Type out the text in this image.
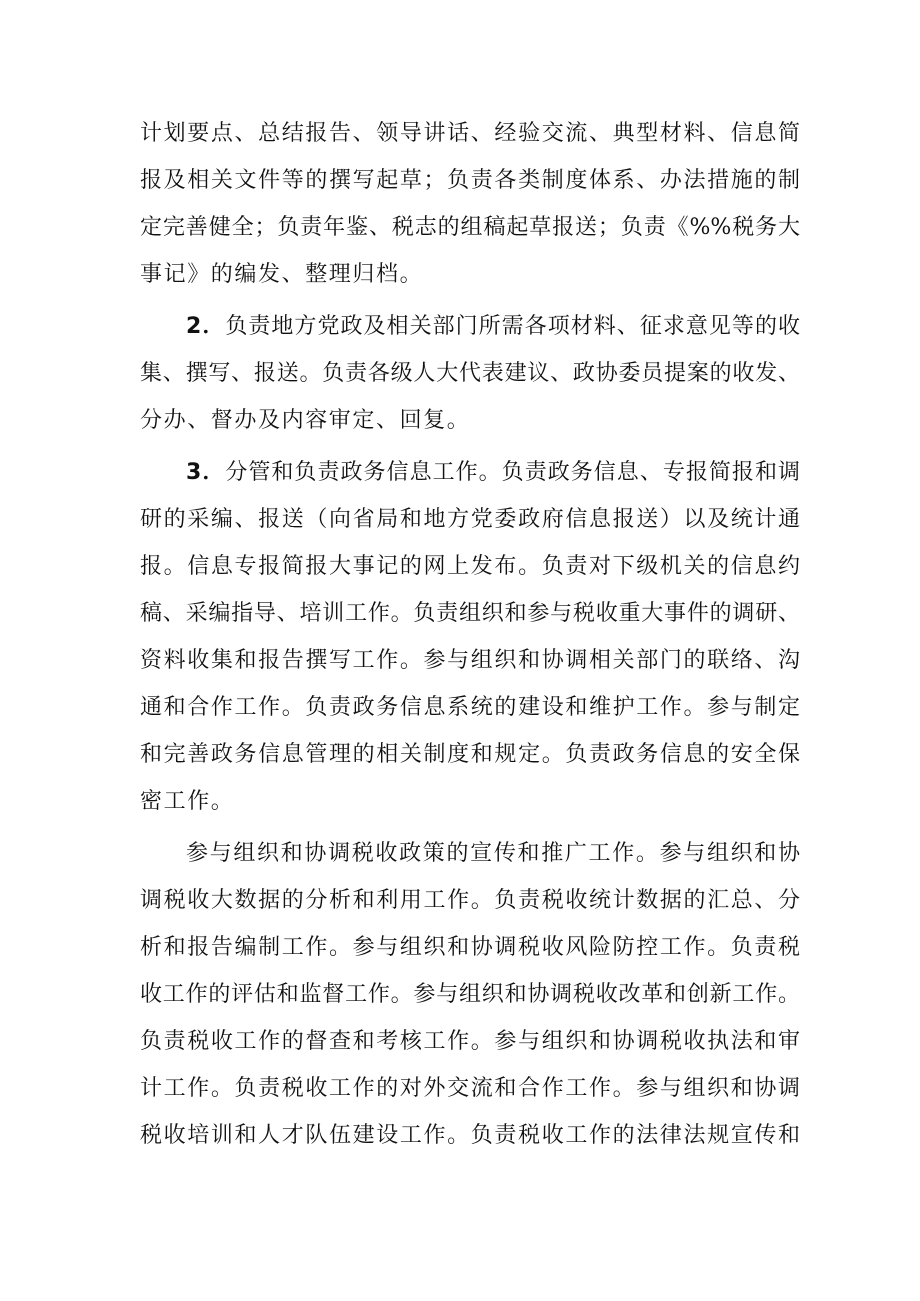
计划要点、总结报告、领导讲话、经验交流、典型材料、信息简
报及相关文件等的撰写起草；负责各类制度体系、办法措施的制
定完善健全；负责年鉴、税志的组稿起草报送；负责《%%税务大
事记》的编发、整理归档。
2．负责地方党政及相关部门所需各项材料、征求意见等的收
集、撰写、报送。负责各级人大代表建议、政协委员提案的收发、
分办、督办及内容审定、回复。
3．分管和负责政务信息工作。负责政务信息、专报简报和调
研的采编、报送（向省局和地方党委政府信息报送）以及统计通
报。信息专报简报大事记的网上发布。负责对下级机关的信息约
稿、采编指导、培训工作。负责组织和参与税收重大事件的调研、
资料收集和报告撰写工作。参与组织和协调相关部门的联络、沟
通和合作工作。负责政务信息系统的建设和维护工作。参与制定
和完善政务信息管理的相关制度和规定。负责政务信息的安全保
密工作。
参与组织和协调税收政策的宣传和推广工作。参与组织和协
调税收大数据的分析和利用工作。负责税收统计数据的汇总、分
析和报告编制工作。参与组织和协调税收风险防控工作。负责税
收工作的评估和监督工作。参与组织和协调税收改革和创新工作。
负责税收工作的督查和考核工作。参与组织和协调税收执法和审
计工作。负责税收工作的对外交流和合作工作。参与组织和协调
税收培训和人才队伍建设工作。负责税收工作的法律法规宣传和
